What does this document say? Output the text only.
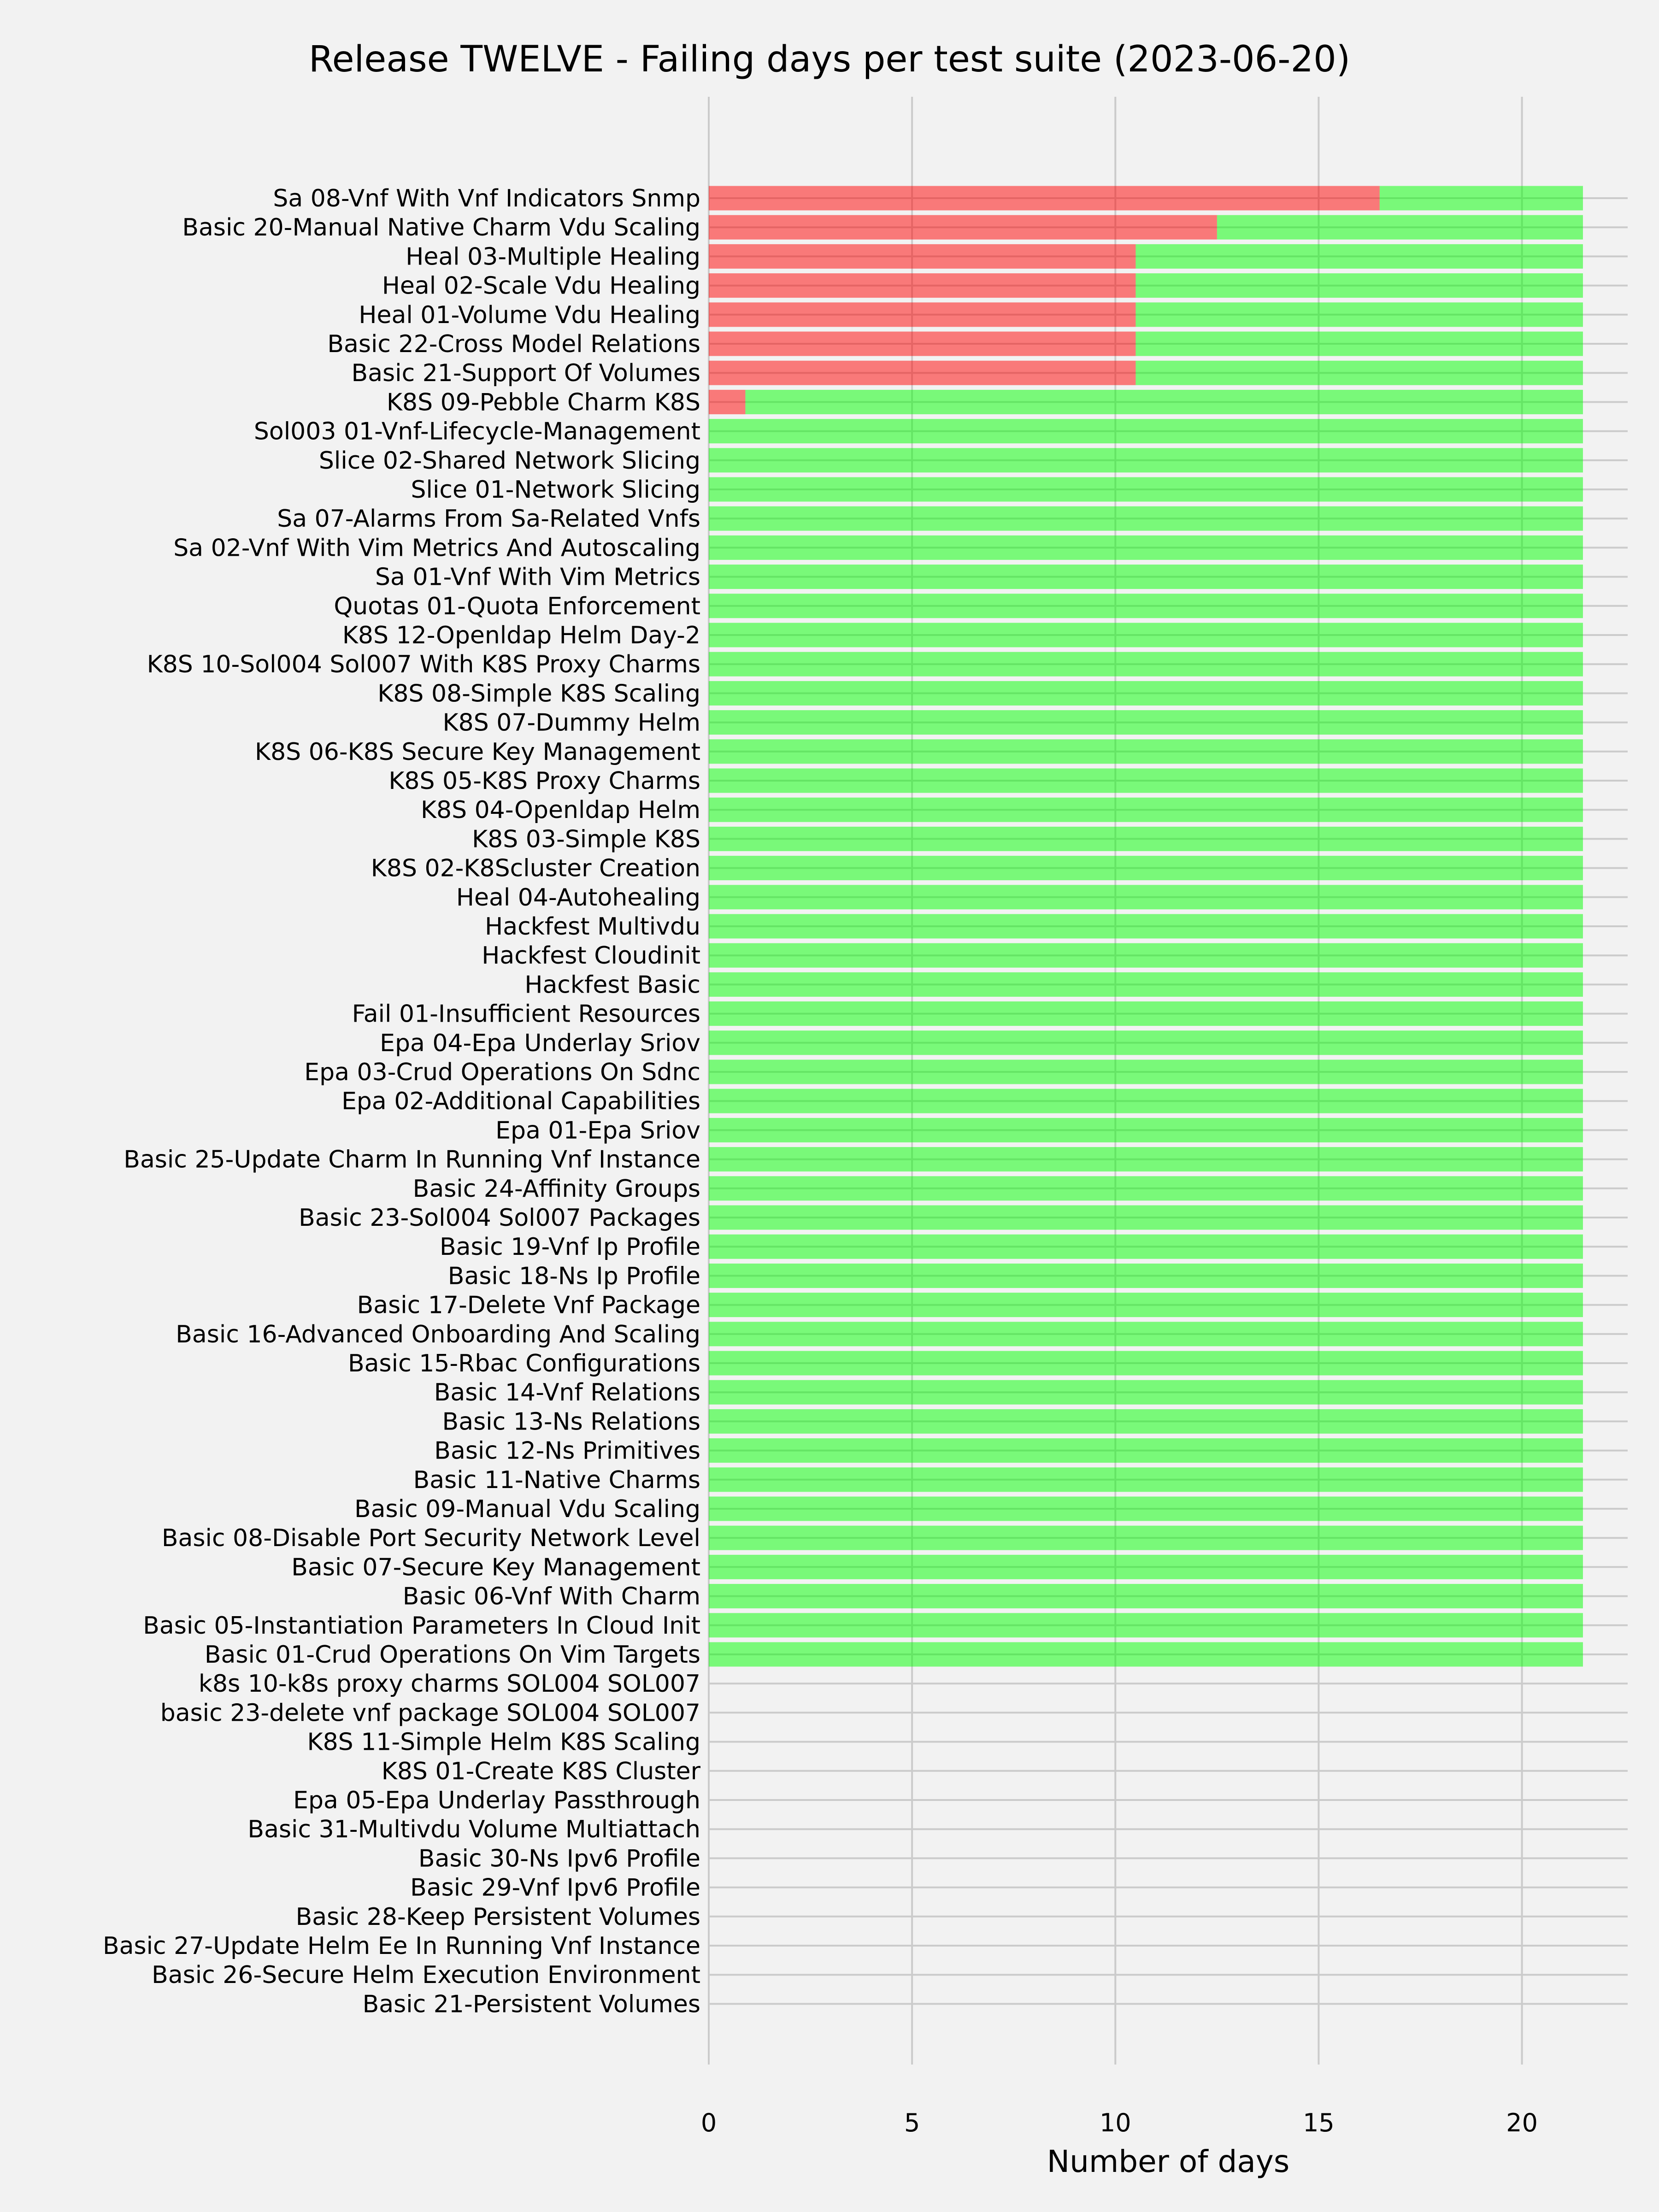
Release TWELVE - Failing days per test suite (2023-06-20)
Sa 08-Vnf With Vnf Indicators Snmp
Basic 20-Manual Native Charm Vdu Scaling
Heal 03-Multiple Healing
Heal 02-Scale Vdu Healing
Heal 01-Volume Vdu Healing
Basic 22-Cross Model Relations
Basic 21-Support Of Volumes
K8S 09-Pebble Charm K8S
Sol003 01-Vnf-Lifecycle-Management
Slice 02-Shared Network Slicing
Slice 01-Network Slicing
Sa 07-Alarms From Sa-Related Vnfs
Sa 02-Vnf With Vim Metrics And Autoscaling
Sa 01-Vnf With Vim Metrics
Quotas 01-Quota Enforcement
K8S 12-Openldap Helm Day-2
K8S 10-Sol004 Sol007 With K8S Proxy Charms
K8S 08-Simple K8S Scaling
K8S 07-Dummy Helm
K8S 06-K8S Secure Key Management
K8S 05-K8S Proxy Charms
K8S 04-Openldap Helm
K8S 03-Simple K8S
K8S 02-K8Scluster Creation
Heal 04-Autohealing
Hackfest Multivdu
Hackfest Cloudinit
Hackfest Basic
Fail 01-Insufficient Resources
Epa 04-Epa Underlay Sriov
Epa 03-Crud Operations On Sdnc
Epa 02-Additional Capabilities
Epa 01-Epa Sriov
Basic 25-Update Charm In Running Vnf Instance
Basic 24-Affinity Groups
Basic 23-Sol004 Sol007 Packages
Basic 19-Vnf Ip Profile
Basic 18-Ns Ip Profile
Basic 17-Delete Vnf Package
Basic 16-Advanced Onboarding And Scaling
Basic 15-Rbac Configurations
Basic 14-Vnf Relations
Basic 13-Ns Relations
Basic 12-Ns Primitives
Basic 11-Native Charms
Basic 09-Manual Vdu Scaling
Basic 08-Disable Port Security Network Level
Basic 07-Secure Key Management
Basic 06-Vnf With Charm
Basic 05-Instantiation Parameters In Cloud Init
Basic 01-Crud Operations On Vim Targets
k8s 10-k8s proxy charms SOL004 SOL007
basic 23-delete vnf package SOL004 SOL007
K8S 11-Simple Helm K8S Scaling
K8S 01-Create K8S Cluster
Epa 05-Epa Underlay Passthrough
Basic 31-Multivdu Volume Multiattach
Basic 30-Ns Ipv6 Profile
Basic 29-Vnf Ipv6 Profile
Basic 28-Keep Persistent Volumes
Basic 27-Update Helm Ee In Running Vnf Instance
Basic 26-Secure Helm Execution Environment
Basic 21-Persistent Volumes
0	5	10	15	20
Number of days
